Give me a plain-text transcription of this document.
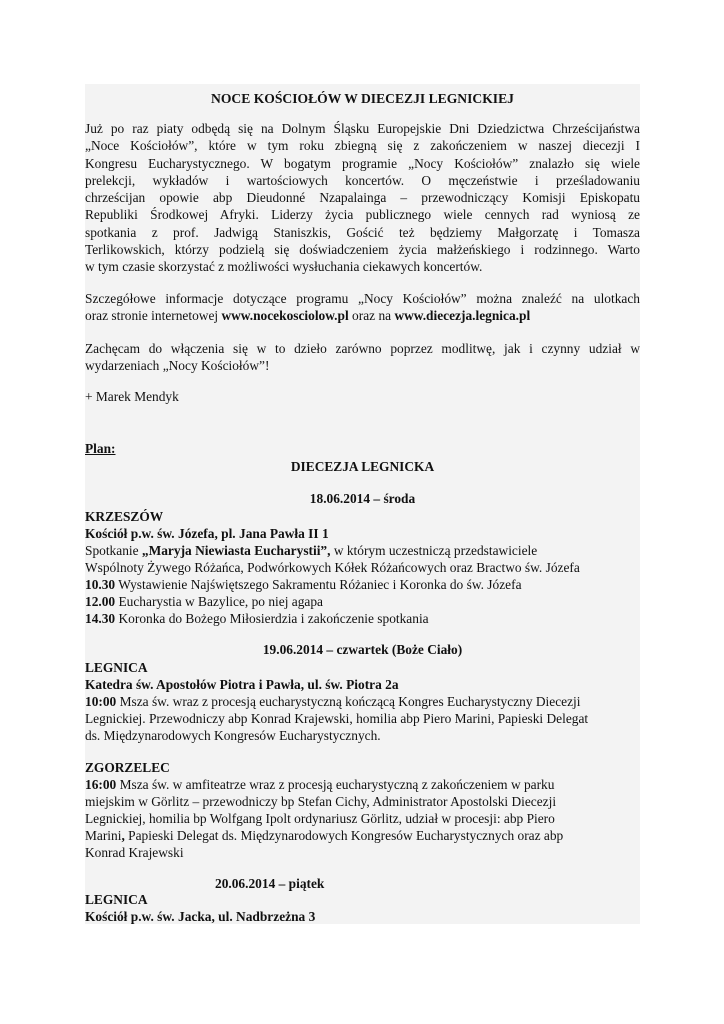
NOCE KOŚCIOŁÓW W DIECEZJI LEGNICKIEJ
Już po raz piaty odbędą się na Dolnym Śląsku Europejskie Dni Dziedzictwa Chrześcijaństwa
„Noce Kościołów”, które w tym roku zbiegną się z zakończeniem w naszej diecezji I
Kongresu Eucharystycznego. W bogatym programie „Nocy Kościołów” znalazło się wiele
prelekcji, wykładów i wartościowych koncertów. O męczeństwie i prześladowaniu
chrześcijan opowie abp Dieudonné Nzapalainga – przewodniczący Komisji Episkopatu
Republiki Środkowej Afryki. Liderzy życia publicznego wiele cennych rad wyniosą ze
spotkania z prof. Jadwigą Staniszkis, Gościć też będziemy Małgorzatę i Tomasza
Terlikowskich, którzy podzielą się doświadczeniem życia małżeńskiego i rodzinnego. Warto
w tym czasie skorzystać z możliwości wysłuchania ciekawych koncertów.
Szczegółowe informacje dotyczące programu „Nocy Kościołów” można znaleźć na ulotkach
oraz stronie internetowej www.nocekosciolow.pl oraz na www.diecezja.legnica.pl
Zachęcam do włączenia się w to dzieło zarówno poprzez modlitwę, jak i czynny udział w
wydarzeniach „Nocy Kościołów”!
+ Marek Mendyk
Plan:
DIECEZJA LEGNICKA
18.06.2014 – środa
KRZESZÓW
Kościół p.w. św. Józefa, pl. Jana Pawła II 1
Spotkanie „Maryja Niewiasta Eucharystii”, w którym uczestniczą przedstawiciele
Wspólnoty Żywego Różańca, Podwórkowych Kółek Różańcowych oraz Bractwo św. Józefa
10.30 Wystawienie Najświętszego Sakramentu Różaniec i Koronka do św. Józefa
12.00 Eucharystia w Bazylice, po niej agapa
14.30 Koronka do Bożego Miłosierdzia i zakończenie spotkania
19.06.2014 – czwartek (Boże Ciało)
LEGNICA
Katedra św. Apostołów Piotra i Pawła, ul. św. Piotra 2a
10:00 Msza św. wraz z procesją eucharystyczną kończącą Kongres Eucharystyczny Diecezji
Legnickiej. Przewodniczy abp Konrad Krajewski, homilia abp Piero Marini, Papieski Delegat
ds. Międzynarodowych Kongresów Eucharystycznych.
ZGORZELEC
16:00 Msza św. w amfiteatrze wraz z procesją eucharystyczną z zakończeniem w parku
miejskim w Görlitz – przewodniczy bp Stefan Cichy, Administrator Apostolski Diecezji
Legnickiej, homilia bp Wolfgang Ipolt ordynariusz Görlitz, udział w procesji: abp Piero
Marini, Papieski Delegat ds. Międzynarodowych Kongresów Eucharystycznych oraz abp
Konrad Krajewski
20.06.2014 – piątek
LEGNICA
Kościół p.w. św. Jacka, ul. Nadbrzeżna 3
